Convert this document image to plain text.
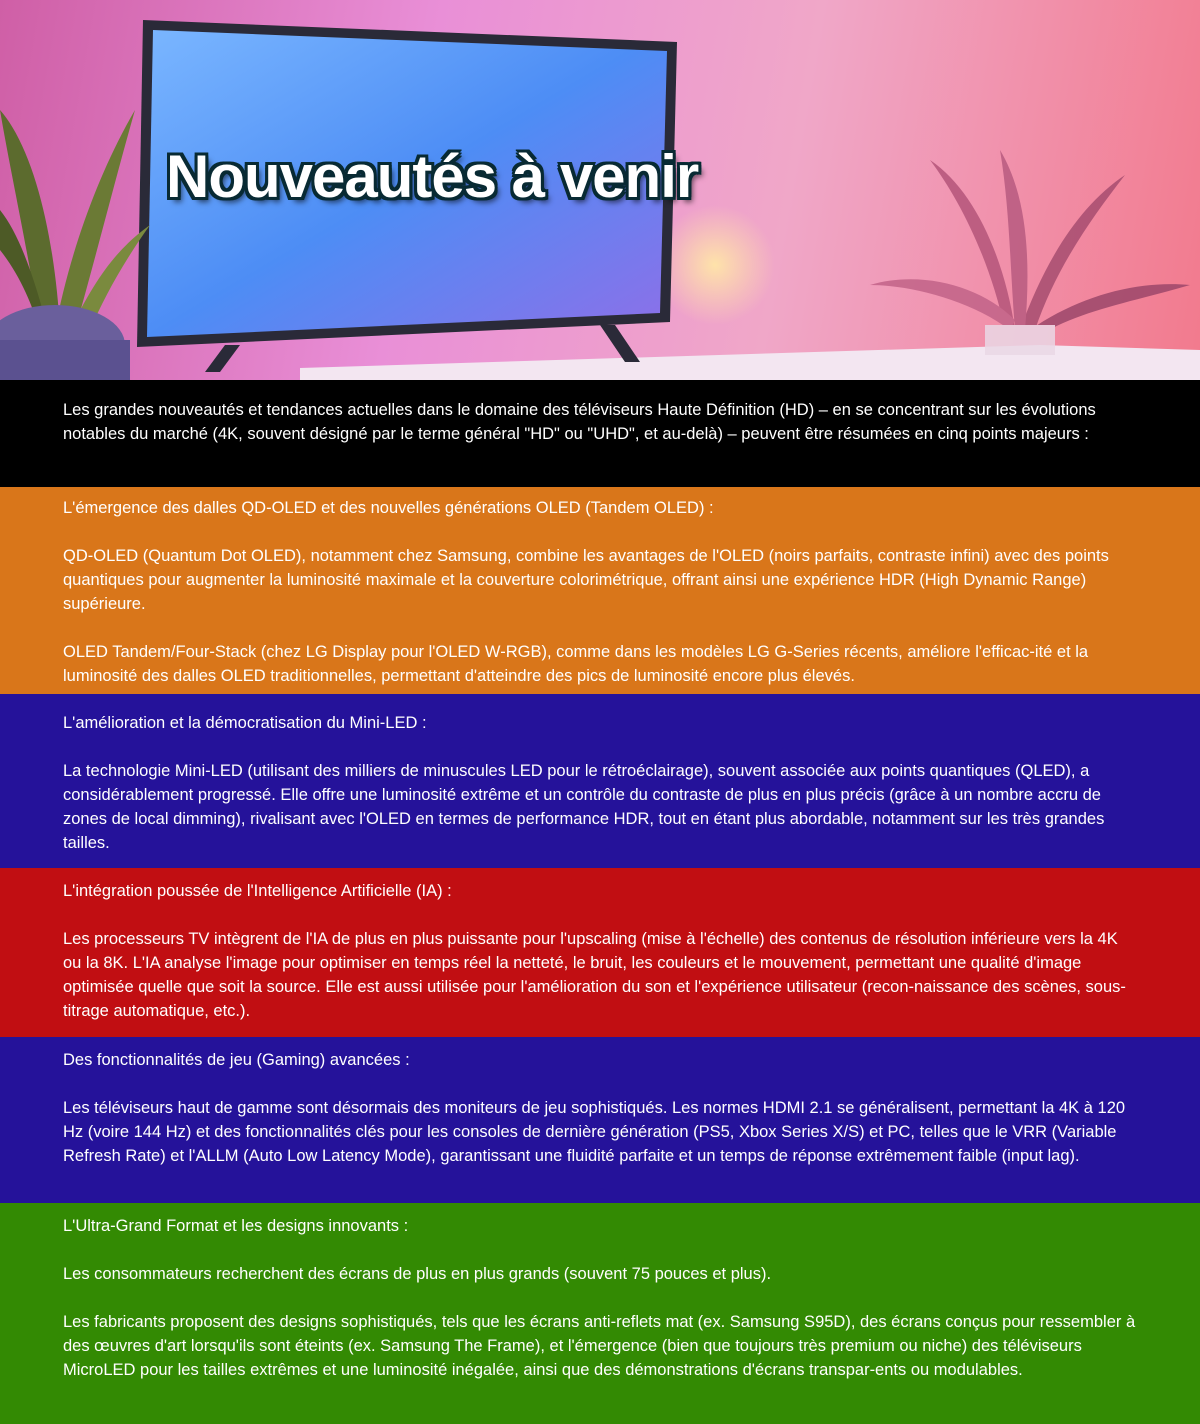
Nouveautés à venir

Les grandes nouveautés et tendances actuelles dans le domaine des téléviseurs Haute Définition (HD) – en se concentrant sur les évolutions notables du marché (4K, souvent désigné par le terme général "HD" ou "UHD", et au-delà) – peuvent être résumées en cinq points majeurs :

L'émergence des dalles QD-OLED et des nouvelles générations OLED (Tandem OLED) :

QD-OLED (Quantum Dot OLED), notamment chez Samsung, combine les avantages de l'OLED (noirs parfaits, contraste infini) avec des points quantiques pour augmenter la luminosité maximale et la couverture colorimétrique, offrant ainsi une expérience HDR (High Dynamic Range) supérieure.

OLED Tandem/Four-Stack (chez LG Display pour l'OLED W-RGB), comme dans les modèles LG G-Series récents, améliore l'efficac-ité et la luminosité des dalles OLED traditionnelles, permettant d'atteindre des pics de luminosité encore plus élevés.

L'amélioration et la démocratisation du Mini-LED :

La technologie Mini-LED (utilisant des milliers de minuscules LED pour le rétroéclairage), souvent associée aux points quantiques (QLED), a considérablement progressé. Elle offre une luminosité extrême et un contrôle du contraste de plus en plus précis (grâce à un nombre accru de zones de local dimming), rivalisant avec l'OLED en termes de performance HDR, tout en étant plus abordable, notamment sur les très grandes tailles.

L'intégration poussée de l'Intelligence Artificielle (IA) :

Les processeurs TV intègrent de l'IA de plus en plus puissante pour l'upscaling (mise à l'échelle) des contenus de résolution inférieure vers la 4K ou la 8K. L'IA analyse l'image pour optimiser en temps réel la netteté, le bruit, les couleurs et le mouvement, permettant une qualité d'image optimisée quelle que soit la source. Elle est aussi utilisée pour l'amélioration du son et l'expérience utilisateur (recon-naissance des scènes, sous-titrage automatique, etc.).

Des fonctionnalités de jeu (Gaming) avancées :

Les téléviseurs haut de gamme sont désormais des moniteurs de jeu sophistiqués. Les normes HDMI 2.1 se généralisent, permettant la 4K à 120 Hz (voire 144 Hz) et des fonctionnalités clés pour les consoles de dernière génération (PS5, Xbox Series X/S) et PC, telles que le VRR (Variable Refresh Rate) et l'ALLM (Auto Low Latency Mode), garantissant une fluidité parfaite et un temps de réponse extrêmement faible (input lag).

L'Ultra-Grand Format et les designs innovants :

Les consommateurs recherchent des écrans de plus en plus grands (souvent 75 pouces et plus).

Les fabricants proposent des designs sophistiqués, tels que les écrans anti-reflets mat (ex. Samsung S95D), des écrans conçus pour ressembler à des œuvres d'art lorsqu'ils sont éteints (ex. Samsung The Frame), et l'émergence (bien que toujours très premium ou niche) des téléviseurs MicroLED pour les tailles extrêmes et une luminosité inégalée, ainsi que des démonstrations d'écrans transpar-ents ou modulables.
